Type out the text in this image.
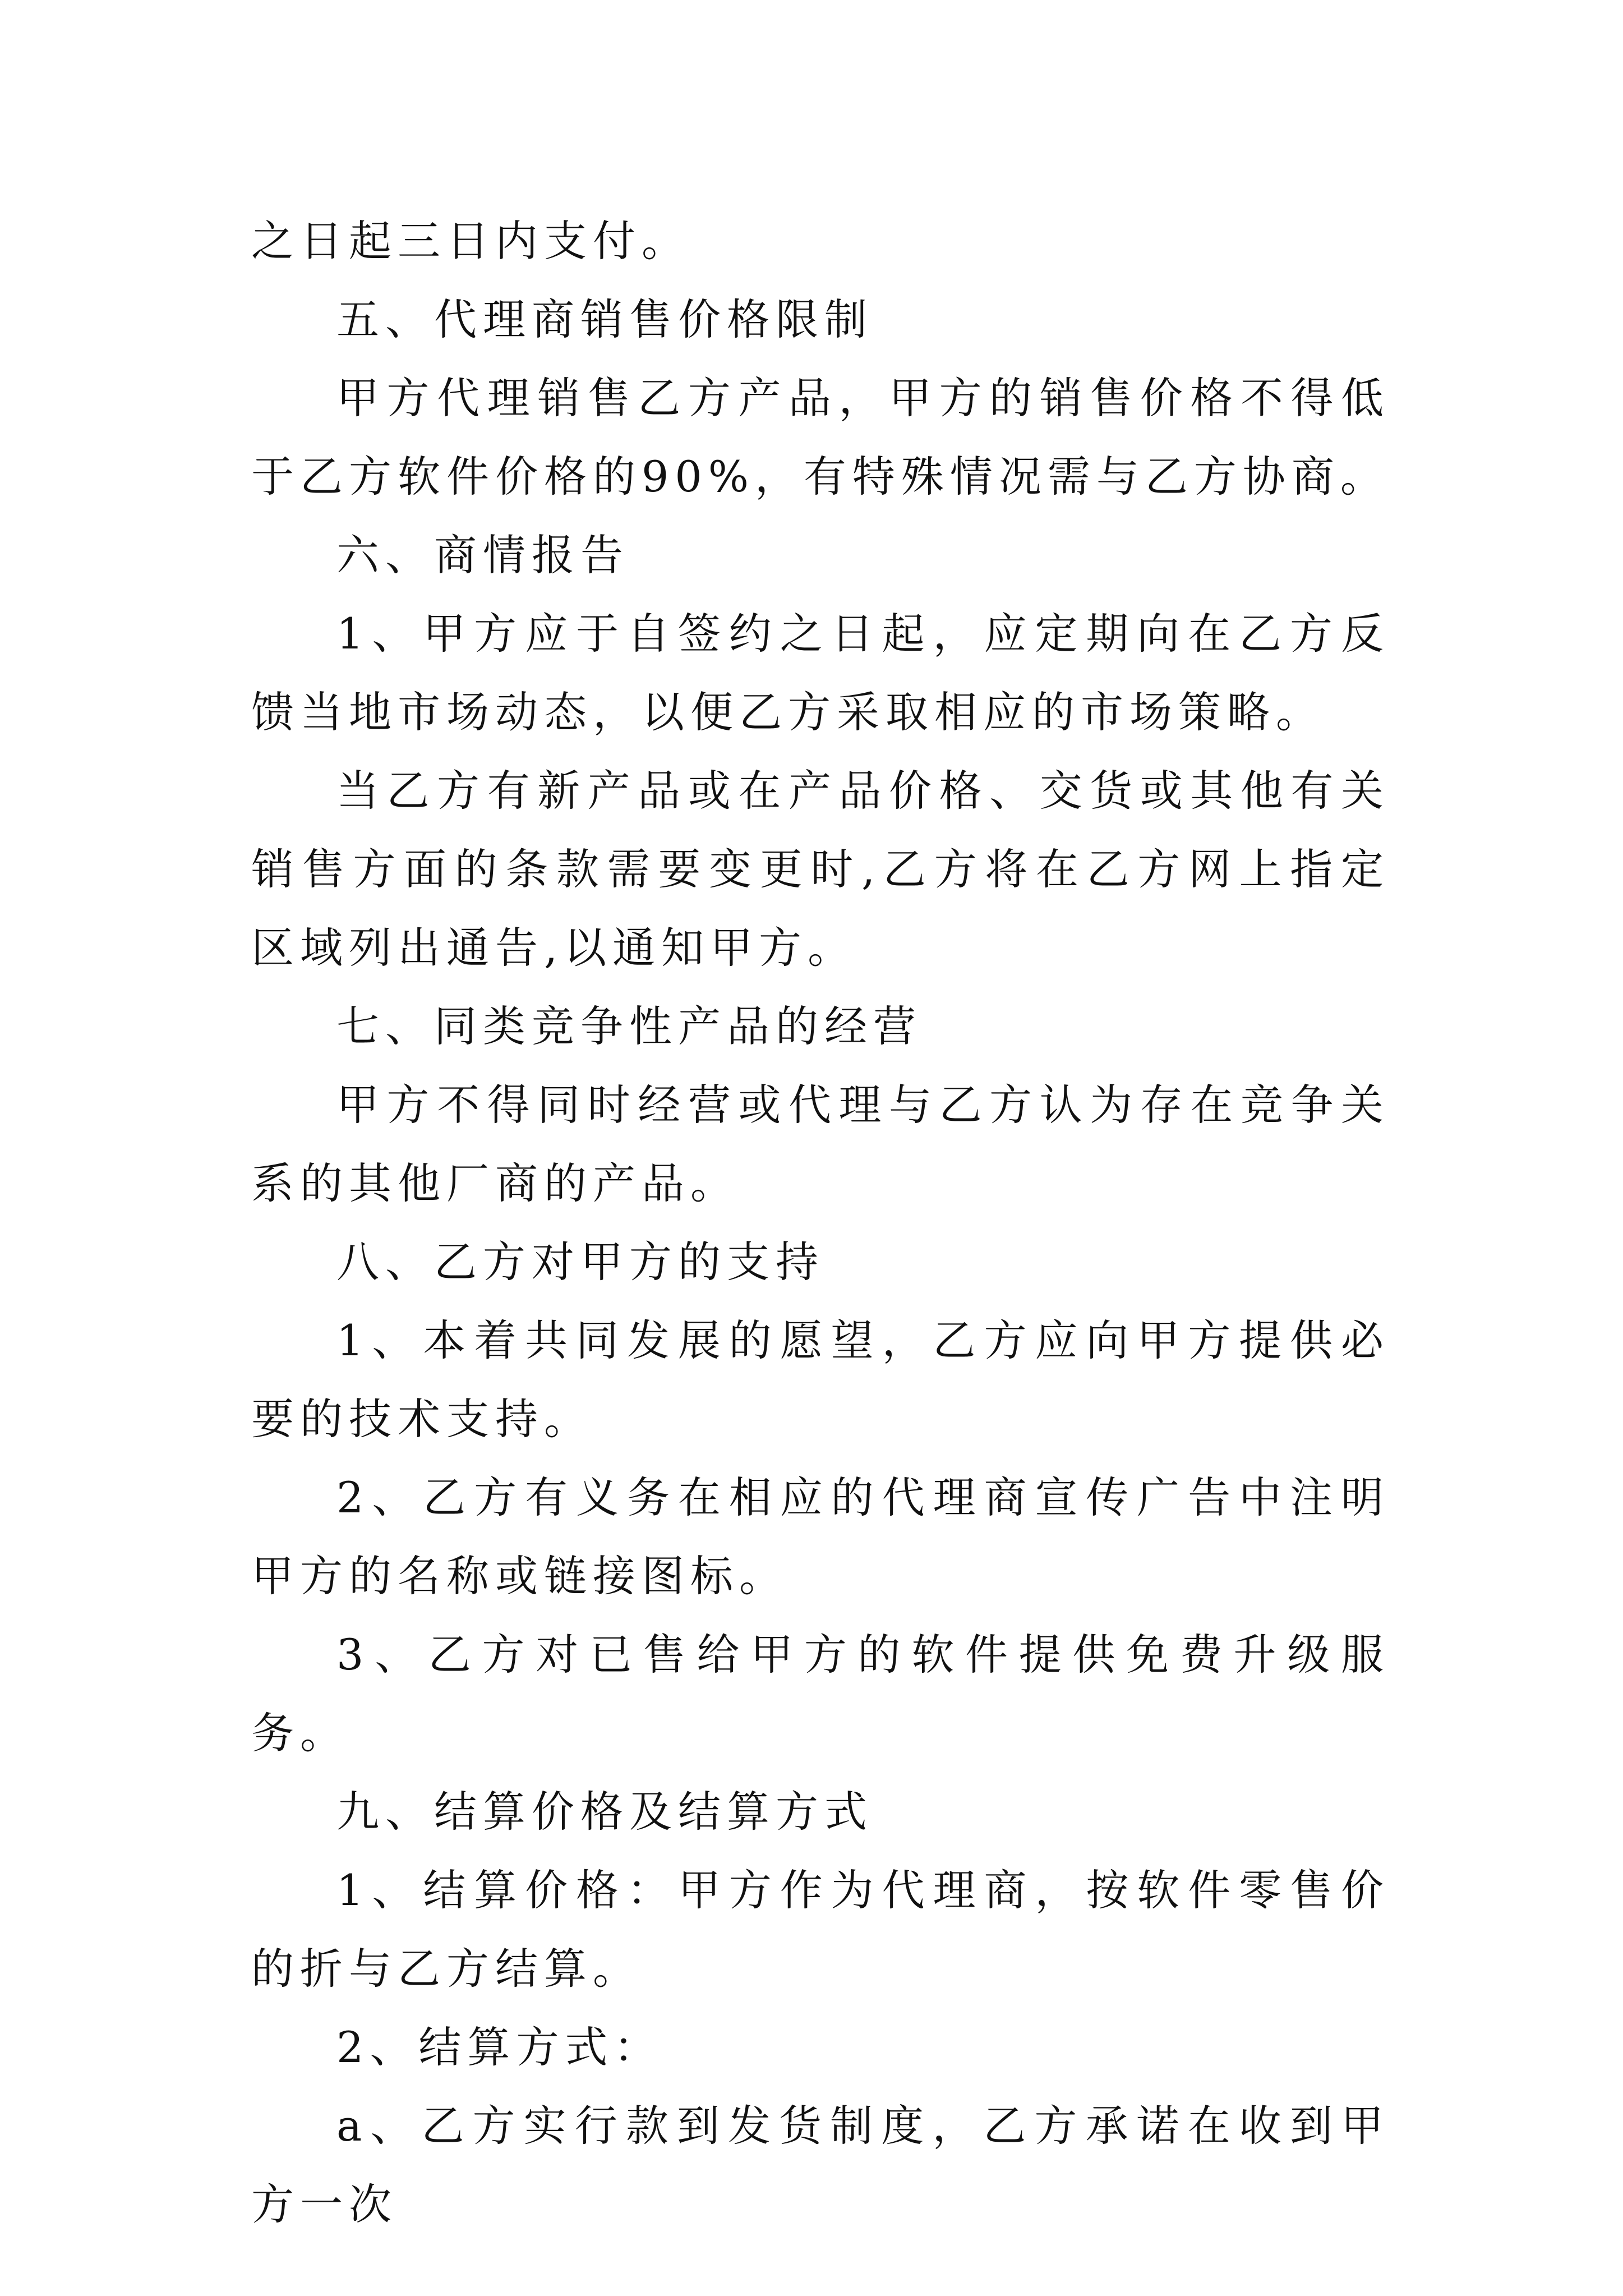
之日起三日内支付。

五、代理商销售价格限制

甲方代理销售乙方产品，甲方的销售价格不得低于乙方软件价格的90%，有特殊情况需与乙方协商。

六、商情报告

1、甲方应于自签约之日起，应定期向在乙方反馈当地市场动态，以便乙方采取相应的市场策略。

当乙方有新产品或在产品价格、交货或其他有关销售方面的条款需要变更时,乙方将在乙方网上指定区域列出通告,以通知甲方。

七、同类竞争性产品的经营

甲方不得同时经营或代理与乙方认为存在竞争关系的其他厂商的产品。

八、乙方对甲方的支持

1、本着共同发展的愿望，乙方应向甲方提供必要的技术支持。

2、乙方有义务在相应的代理商宣传广告中注明甲方的名称或链接图标。

3、乙方对已售给甲方的软件提供免费升级服务。

九、结算价格及结算方式

1、结算价格：甲方作为代理商，按软件零售价的折与乙方结算。

2、结算方式：

a、乙方实行款到发货制度，乙方承诺在收到甲方一次
